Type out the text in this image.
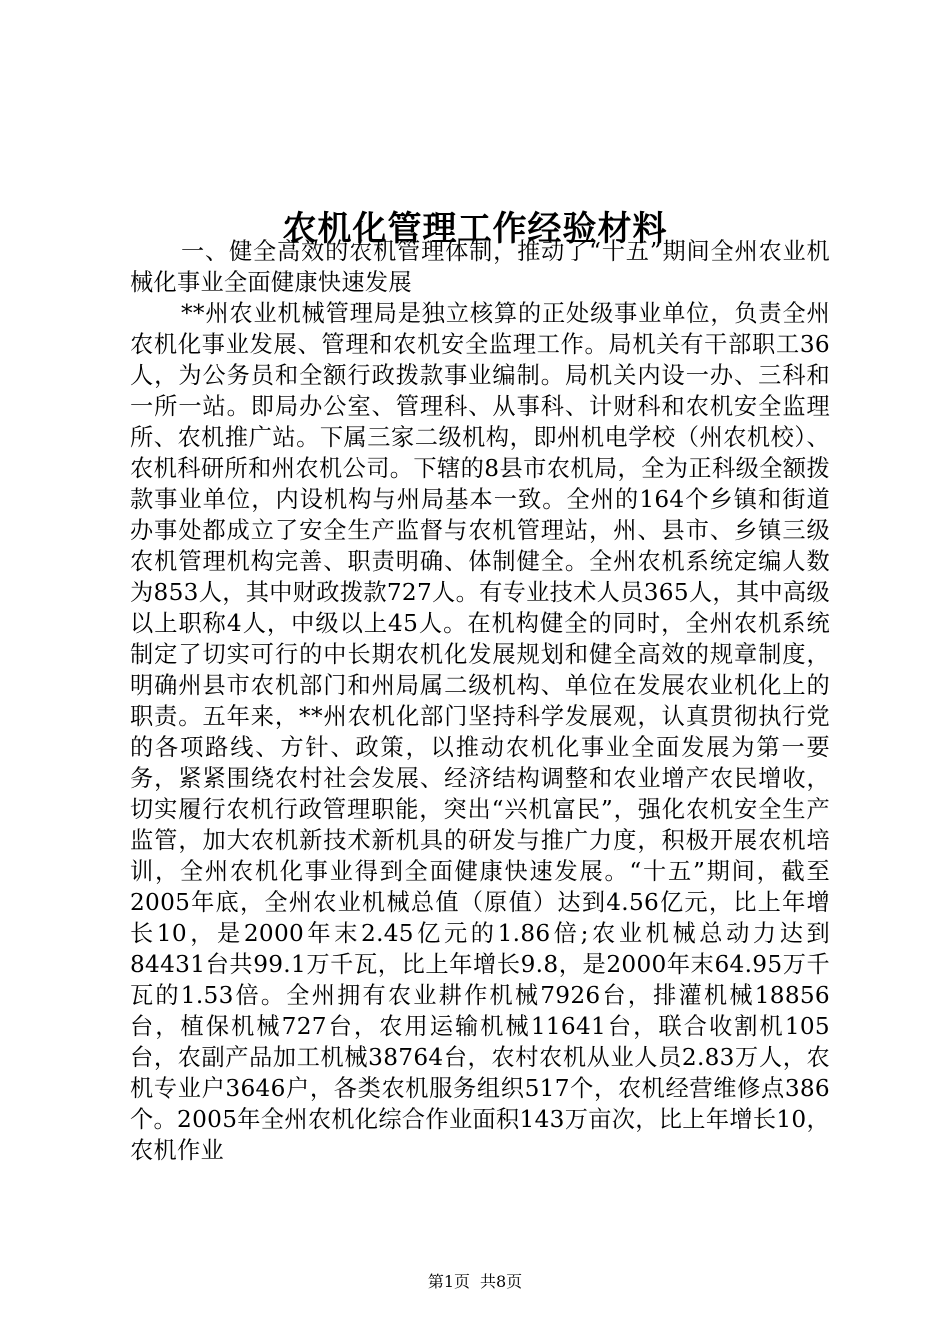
农机化管理工作经验材料

一、健全高效的农机管理体制，推动了“十五”期间全州农业机械化事业全面健康快速发展

**州农业机械管理局是独立核算的正处级事业单位，负责全州农机化事业发展、管理和农机安全监理工作。局机关有干部职工36人，为公务员和全额行政拨款事业编制。局机关内设一办、三科和一所一站。即局办公室、管理科、从事科、计财科和农机安全监理所、农机推广站。下属三家二级机构，即州机电学校（州农机校）、农机科研所和州农机公司。下辖的8县市农机局，全为正科级全额拨款事业单位，内设机构与州局基本一致。全州的164个乡镇和街道办事处都成立了安全生产监督与农机管理站，州、县市、乡镇三级农机管理机构完善、职责明确、体制健全。全州农机系统定编人数为853人，其中财政拨款727人。有专业技术人员365人，其中高级以上职称4人，中级以上45人。在机构健全的同时，全州农机系统制定了切实可行的中长期农机化发展规划和健全高效的规章制度，明确州县市农机部门和州局属二级机构、单位在发展农业机化上的职责。五年来，**州农机化部门坚持科学发展观，认真贯彻执行党的各项路线、方针、政策，以推动农机化事业全面发展为第一要务，紧紧围绕农村社会发展、经济结构调整和农业增产农民增收，切实履行农机行政管理职能，突出“兴机富民”，强化农机安全生产监管，加大农机新技术新机具的研发与推广力度，积极开展农机培训，全州农机化事业得到全面健康快速发展。“十五”期间，截至2005年底，全州农业机械总值（原值）达到4.56亿元，比上年增长10，是2000年末2.45亿元的1.86倍;农业机械总动力达到84431台共99.1万千瓦，比上年增长9.8，是2000年末64.95万千瓦的1.53倍。全州拥有农业耕作机械7926台，排灌机械18856台，植保机械727台，农用运输机械11641台，联合收割机105台，农副产品加工机械38764台，农村农机从业人员2.83万人，农机专业户3646户，各类农机服务组织517个，农机经营维修点386个。2005年全州农机化综合作业面积143万亩次，比上年增长10，农机作业

第1页 共8页
